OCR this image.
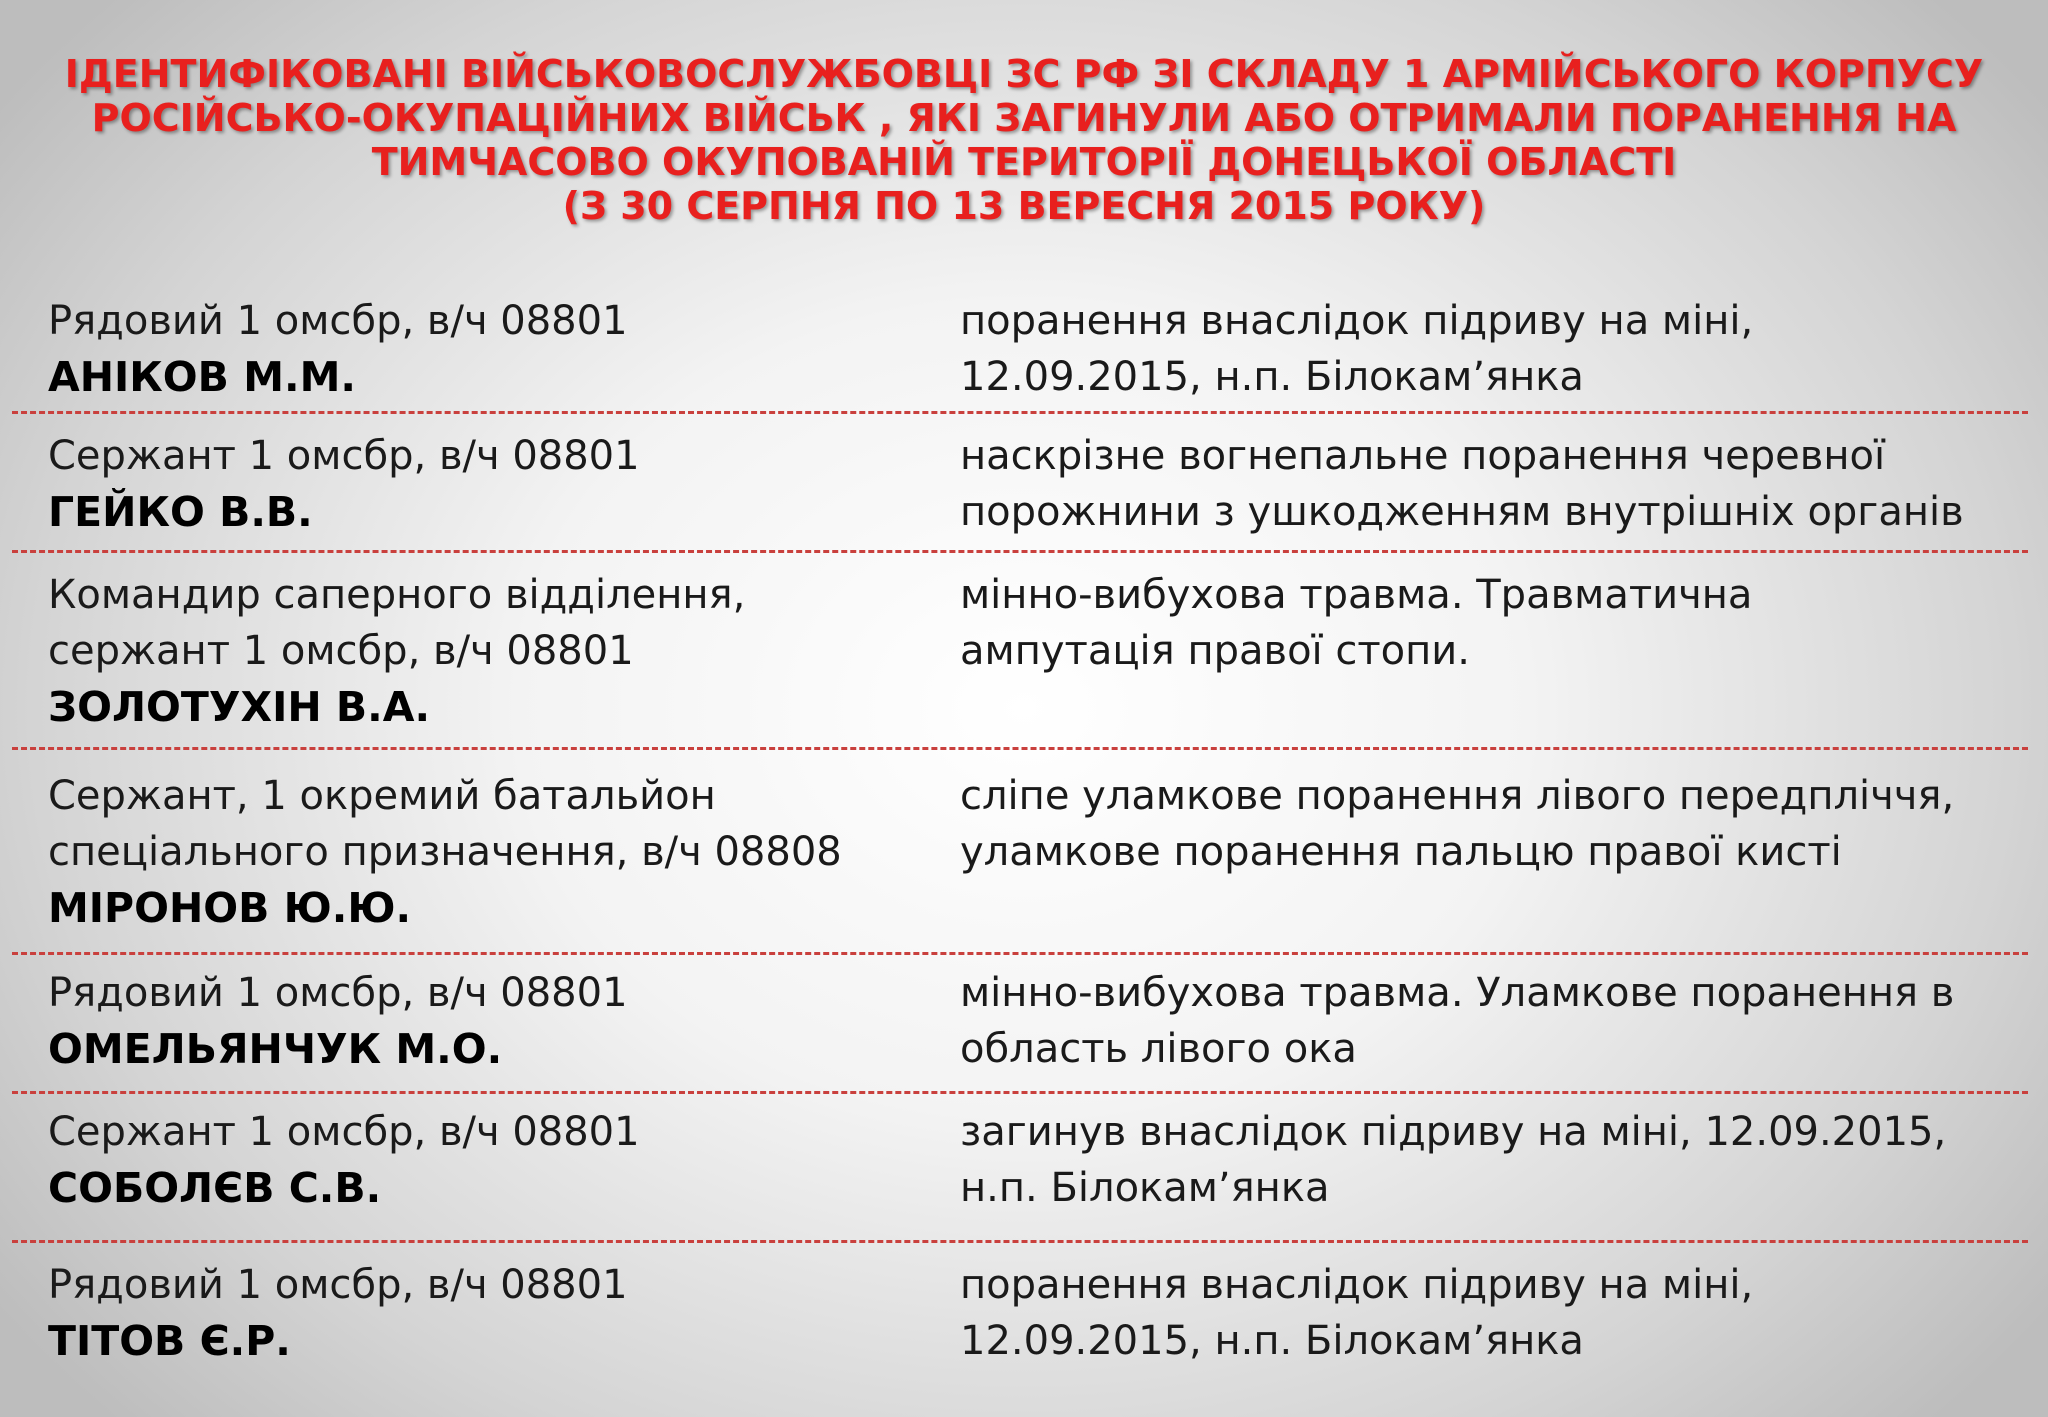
ІДЕНТИФІКОВАНІ ВІЙСЬКОВОСЛУЖБОВЦІ ЗС РФ ЗІ СКЛАДУ 1 АРМІЙСЬКОГО КОРПУСУ
РОСІЙСЬКО-ОКУПАЦІЙНИХ ВІЙСЬК , ЯКІ ЗАГИНУЛИ АБО ОТРИМАЛИ ПОРАНЕННЯ НА
ТИМЧАСОВО ОКУПОВАНІЙ ТЕРИТОРІЇ ДОНЕЦЬКОЇ ОБЛАСТІ
(З 30 СЕРПНЯ ПО 13 ВЕРЕСНЯ 2015 РОКУ)
Рядовий 1 омсбр, в/ч 08801
АНІКОВ М.М.
поранення внаслідок підриву на міні,
12.09.2015, н.п. Білокам’янка
Сержант 1 омсбр, в/ч 08801
ГЕЙКО В.В.
наскрізне вогнепальне поранення черевної
порожнини з ушкодженням внутрішніх органів
Командир саперного відділення,
сержант 1 омсбр, в/ч 08801
ЗОЛОТУХІН В.А.
мінно-вибухова травма. Травматична
ампутація правої стопи.
Сержант, 1 окремий батальйон
спеціального призначення, в/ч 08808
МІРОНОВ Ю.Ю.
сліпе уламкове поранення лівого передпліччя,
уламкове поранення пальцю правої кисті
Рядовий 1 омсбр, в/ч 08801
ОМЕЛЬЯНЧУК М.О.
мінно-вибухова травма. Уламкове поранення в
область лівого ока
Сержант 1 омсбр, в/ч 08801
СОБОЛЄВ С.В.
загинув внаслідок підриву на міні, 12.09.2015,
н.п. Білокам’янка
Рядовий 1 омсбр, в/ч 08801
ТІТОВ Є.Р.
поранення внаслідок підриву на міні,
12.09.2015, н.п. Білокам’янка
